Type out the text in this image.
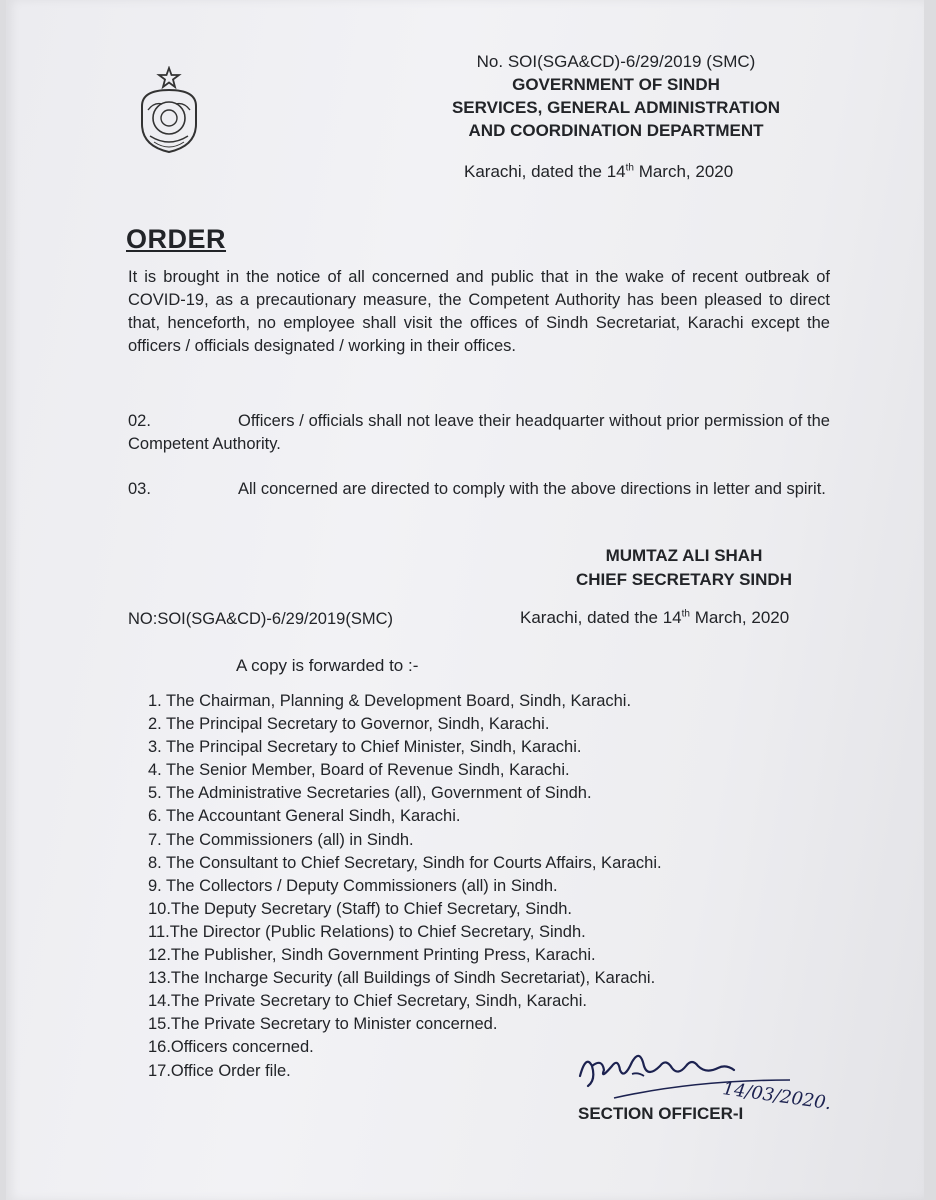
No. SOI(SGA&CD)-6/29/2019 (SMC)
GOVERNMENT OF SINDH
SERVICES, GENERAL ADMINISTRATION
AND COORDINATION DEPARTMENT
Karachi, dated the 14th March, 2020
ORDER
It is brought in the notice of all concerned and public that in the wake of recent outbreak of COVID-19, as a precautionary measure, the Competent Authority has been pleased to direct that, henceforth, no employee shall visit the offices of Sindh Secretariat, Karachi except the officers / officials designated / working in their offices.
02.	Officers / officials shall not leave their headquarter without prior permission of the Competent Authority.
03.	All concerned are directed to comply with the above directions in letter and spirit.
MUMTAZ ALI SHAH
CHIEF SECRETARY SINDH
NO:SOI(SGA&CD)-6/29/2019(SMC)	Karachi, dated the 14th March, 2020
A copy is forwarded to :-
1. The Chairman, Planning & Development Board, Sindh, Karachi.
2. The Principal Secretary to Governor, Sindh, Karachi.
3. The Principal Secretary to Chief Minister, Sindh, Karachi.
4. The Senior Member, Board of Revenue Sindh, Karachi.
5. The Administrative Secretaries (all), Government of Sindh.
6. The Accountant General Sindh, Karachi.
7. The Commissioners (all) in Sindh.
8. The Consultant to Chief Secretary, Sindh for Courts Affairs, Karachi.
9. The Collectors / Deputy Commissioners (all) in Sindh.
10.The Deputy Secretary (Staff) to Chief Secretary, Sindh.
11.The Director (Public Relations) to Chief Secretary, Sindh.
12.The Publisher, Sindh Government Printing Press, Karachi.
13.The Incharge Security (all Buildings of Sindh Secretariat), Karachi.
14.The Private Secretary to Chief Secretary, Sindh, Karachi.
15.The Private Secretary to Minister concerned.
16.Officers concerned.
17.Office Order file.
14/03/2020.
SECTION OFFICER-I
